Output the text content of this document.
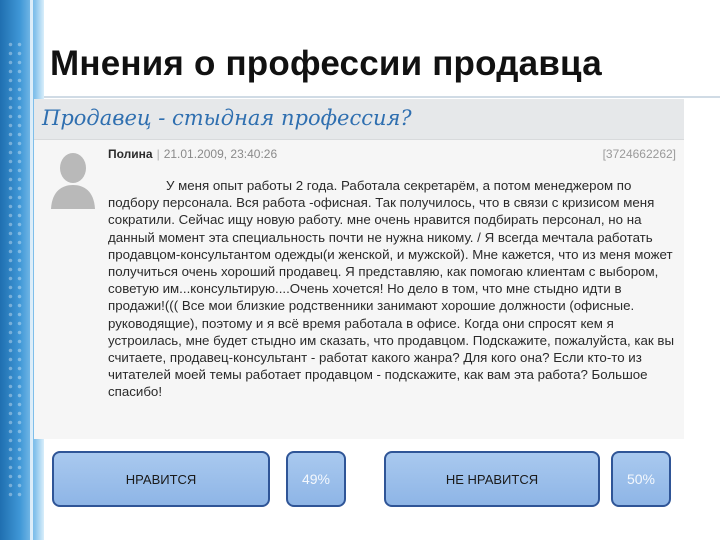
Мнения о профессии продавца
Продавец - стыдная профессия?
Полина | 21.01.2009, 23:40:26	[3724662262]
У меня опыт работы 2 года. Работала секретарём, а потом менеджером по подбору персонала. Вся работа -офисная. Так получилось, что в связи с кризисом меня сократили. Сейчас ищу новую работу. мне очень нравится подбирать персонал, но на данный момент эта специальность почти не нужна никому. / Я всегда мечтала работать продавцом-консультантом одежды(и женской, и мужской). Мне кажется, что из меня может получиться очень хороший продавец. Я представляю, как помогаю клиентам с выбором, советую им...консультирую....Очень хочется! Но дело в том, что мне стыдно идти в продажи!((( Все мои близкие родственники занимают хорошие должности (офисные. руководящие), поэтому и я всё время работала в офисе. Когда они спросят кем я устроилась, мне будет стыдно им сказать, что продавцом. Подскажите, пожалуйста, как вы считаете, продавец-консультант - работат какого жанра? Для кого она? Если кто-то из читателей моей темы работает продавцом - подскажите, как вам эта работа? Большое спасибо!
НРАВИТСЯ	49%	НЕ НРАВИТСЯ	50%
